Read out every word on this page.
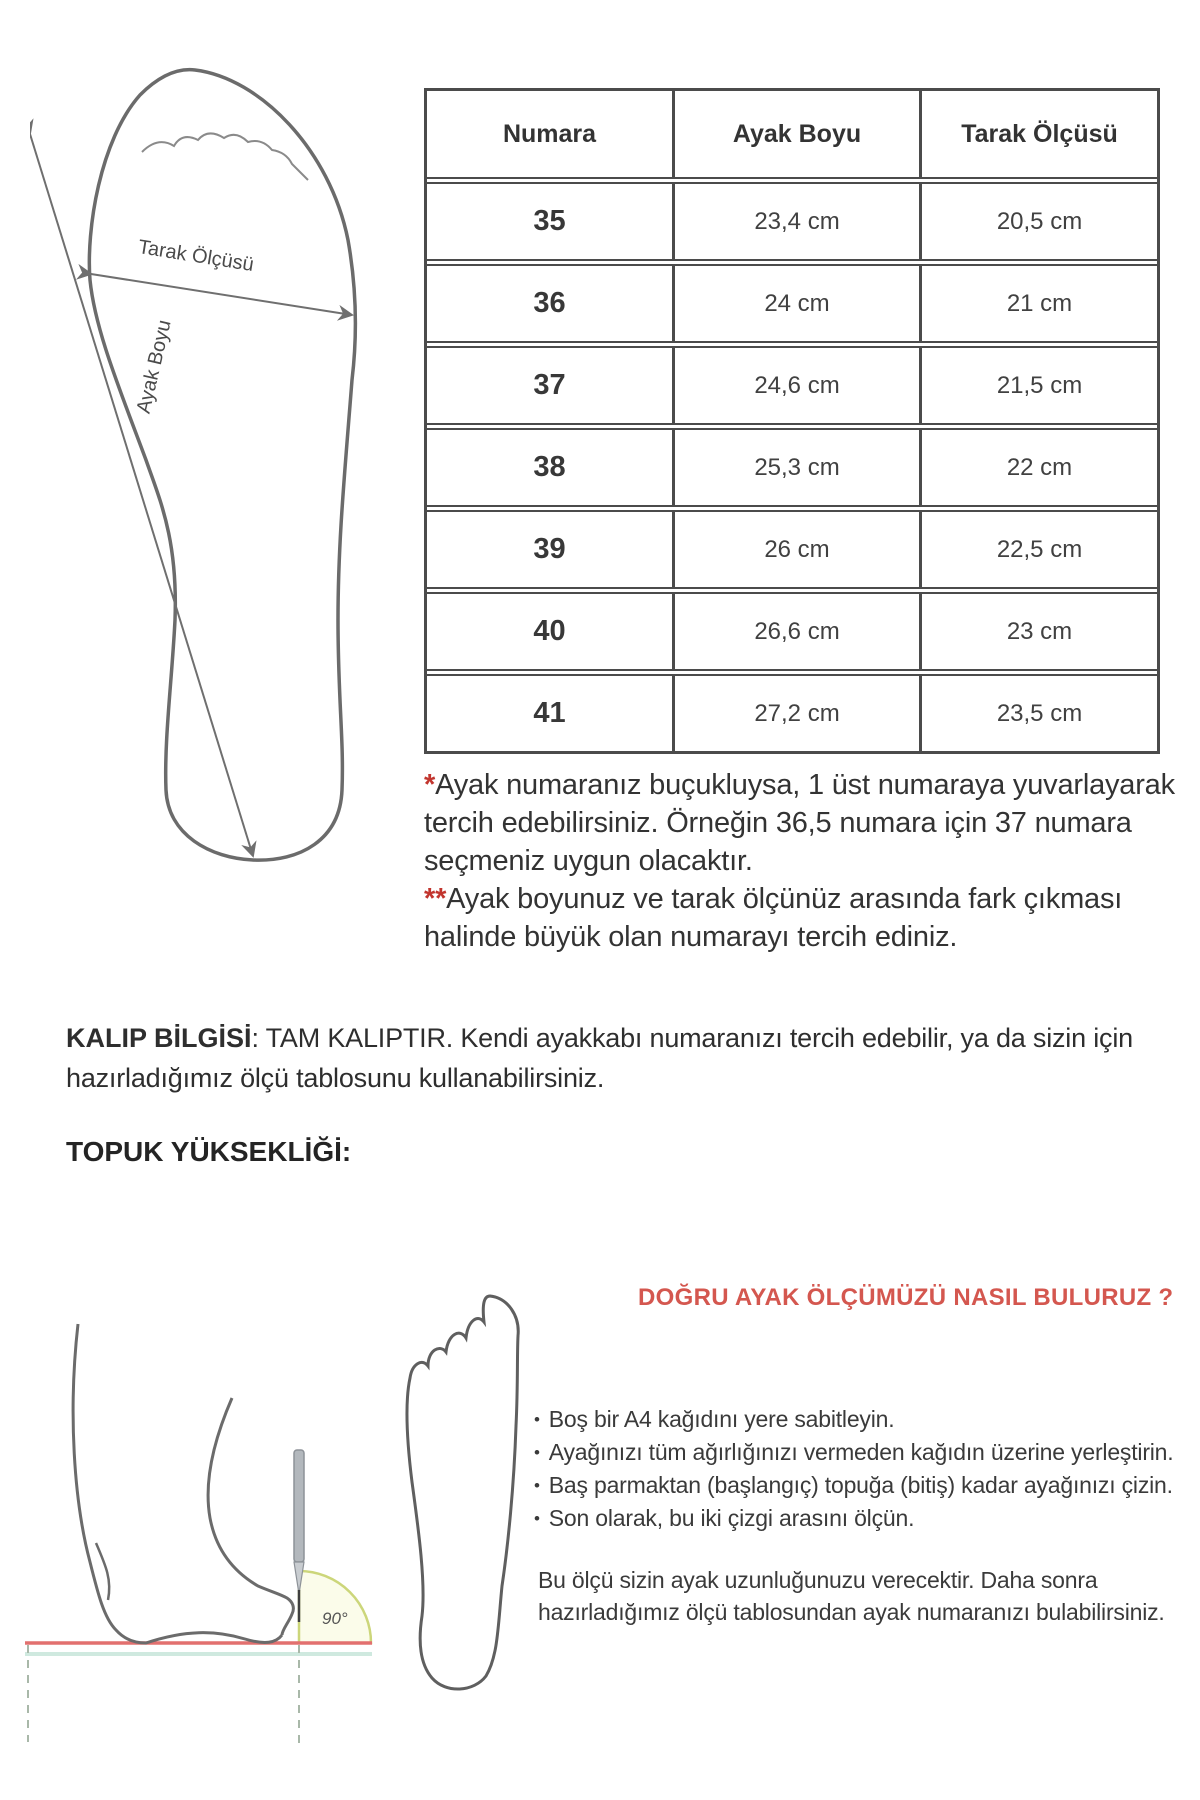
Tarak Ölçüsü
Ayak Boyu
Numara	Ayak Boyu	Tarak Ölçüsü
35	23,4 cm	20,5 cm
36	24 cm	21 cm
37	24,6 cm	21,5 cm
38	25,3 cm	22 cm
39	26 cm	22,5 cm
40	26,6 cm	23 cm
41	27,2 cm	23,5 cm
*Ayak numaranız buçukluysa, 1 üst numaraya yuvarlayarak
tercih edebilirsiniz. Örneğin 36,5 numara için 37 numara
seçmeniz uygun olacaktır.
**Ayak boyunuz ve tarak ölçünüz arasında fark çıkması
halinde büyük olan numarayı tercih ediniz.
KALIP BİLGİSİ: TAM KALIPTIR. Kendi ayakkabı numaranızı tercih edebilir, ya da sizin için
hazırladığımız ölçü tablosunu kullanabilirsiniz.
TOPUK YÜKSEKLİĞİ:
DOĞRU AYAK ÖLÇÜMÜZÜ NASIL BULURUZ ?
90°
• Boş bir A4 kağıdını yere sabitleyin.
• Ayağınızı tüm ağırlığınızı vermeden kağıdın üzerine yerleştirin.
• Baş parmaktan (başlangıç) topuğa (bitiş) kadar ayağınızı çizin.
• Son olarak, bu iki çizgi arasını ölçün.
Bu ölçü sizin ayak uzunluğunuzu verecektir. Daha sonra
hazırladığımız ölçü tablosundan ayak numaranızı bulabilirsiniz.
